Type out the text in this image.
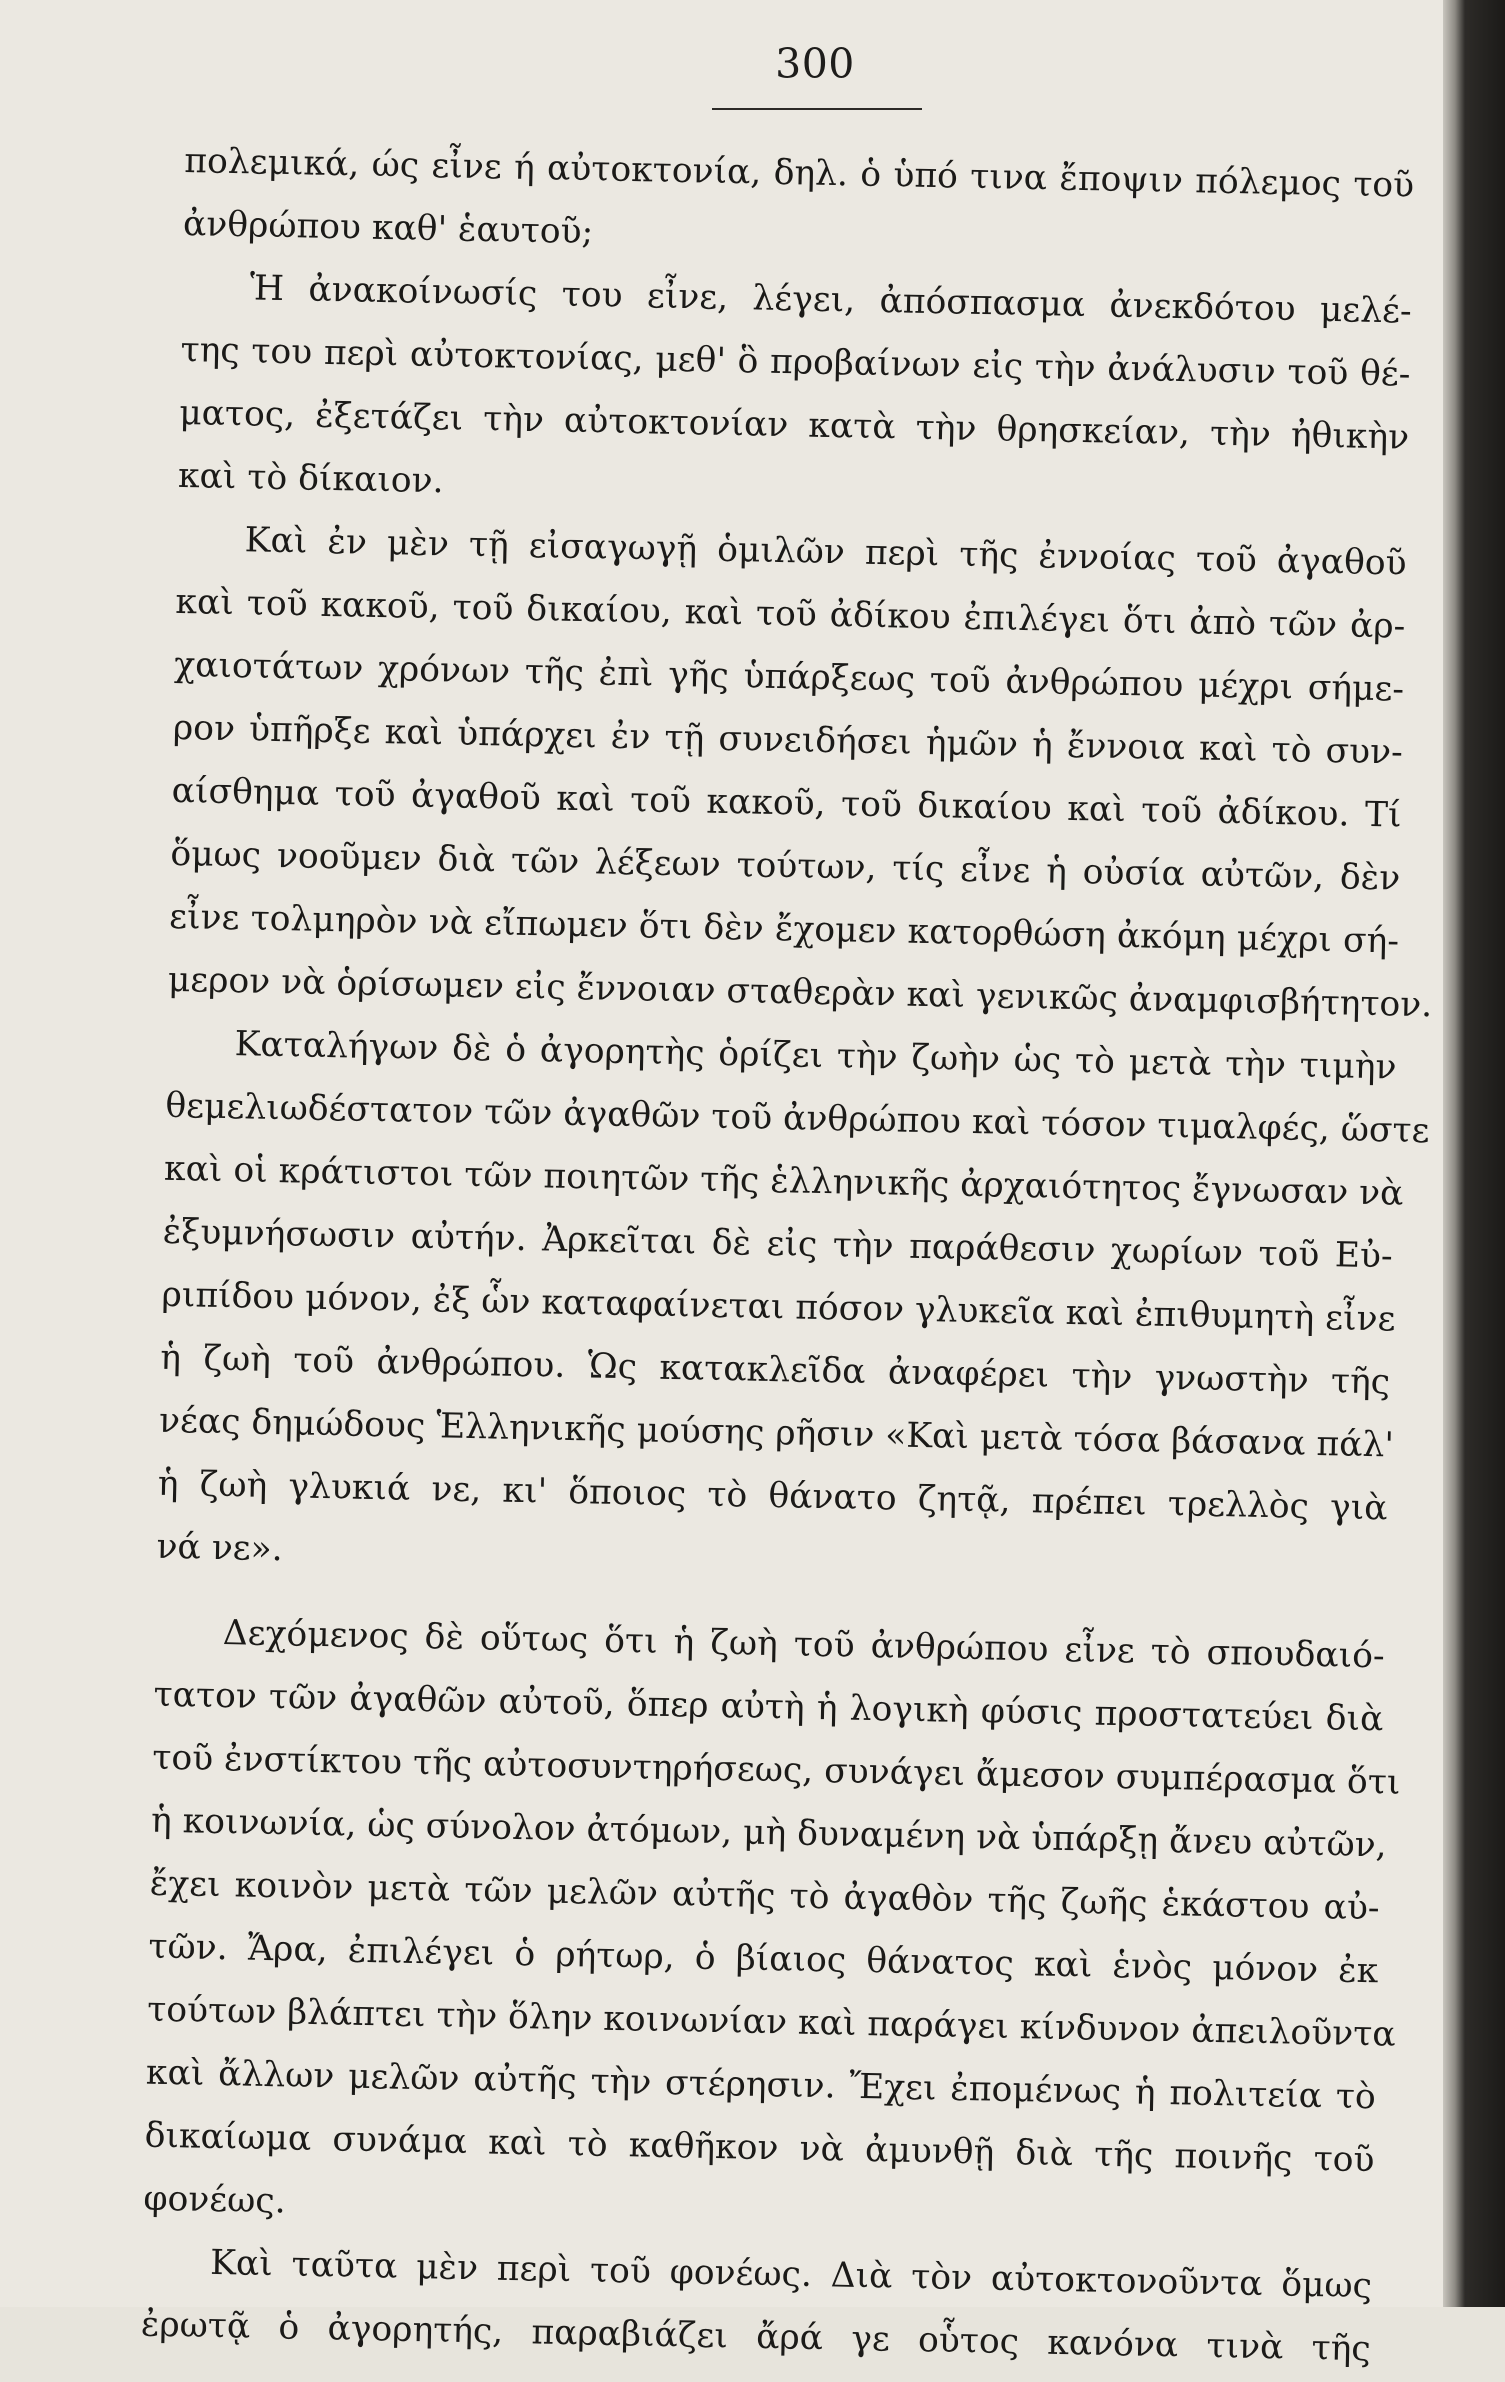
300
πολεμικά, ώς εἶνε ή αὐτοκτονία, δηλ. ὁ ὑπό τινα ἔποψιν πόλεμος τοῦ
ἀνθρώπου καθ' ἑαυτοῦ;
Ἡ ἀνακοίνωσίς του εἶνε, λέγει, ἀπόσπασμα ἀνεκδότου μελέ-
της του περὶ αὐτοκτονίας, μεθ' ὃ προβαίνων εἰς τὴν ἀνάλυσιν τοῦ θέ-
ματος, ἐξετάζει τὴν αὐτοκτονίαν κατὰ τὴν θρησκείαν, τὴν ἠθικὴν
καὶ τὸ δίκαιον.
Καὶ ἐν μὲν τῇ εἰσαγωγῇ ὁμιλῶν περὶ τῆς ἐννοίας τοῦ ἀγαθοῦ
καὶ τοῦ κακοῦ, τοῦ δικαίου, καὶ τοῦ ἀδίκου ἐπιλέγει ὅτι ἀπὸ τῶν ἀρ-
χαιοτάτων χρόνων τῆς ἐπὶ γῆς ὑπάρξεως τοῦ ἀνθρώπου μέχρι σήμε-
ρον ὑπῆρξε καὶ ὑπάρχει ἐν τῇ συνειδήσει ἡμῶν ἡ ἔννοια καὶ τὸ συν-
αίσθημα τοῦ ἀγαθοῦ καὶ τοῦ κακοῦ, τοῦ δικαίου καὶ τοῦ ἀδίκου. Τί
ὅμως νοοῦμεν διὰ τῶν λέξεων τούτων, τίς εἶνε ἡ οὐσία αὐτῶν, δὲν
εἶνε τολμηρὸν νὰ εἴπωμεν ὅτι δὲν ἔχομεν κατορθώση ἀκόμη μέχρι σή-
μερον νὰ ὁρίσωμεν εἰς ἔννοιαν σταθερὰν καὶ γενικῶς ἀναμφισβήτητον.
Καταλήγων δὲ ὁ ἀγορητὴς ὁρίζει τὴν ζωὴν ὡς τὸ μετὰ τὴν τιμὴν
θεμελιωδέστατον τῶν ἀγαθῶν τοῦ ἀνθρώπου καὶ τόσον τιμαλφές, ὥστε
καὶ οἱ κράτιστοι τῶν ποιητῶν τῆς ἑλληνικῆς ἀρχαιότητος ἔγνωσαν νὰ
ἐξυμνήσωσιν αὐτήν. Ἀρκεῖται δὲ εἰς τὴν παράθεσιν χωρίων τοῦ Εὐ-
ριπίδου μόνον, ἐξ ὧν καταφαίνεται πόσον γλυκεῖα καὶ ἐπιθυμητὴ εἶνε
ἡ ζωὴ τοῦ ἀνθρώπου. Ὡς κατακλεῖδα ἀναφέρει τὴν γνωστὴν τῆς
νέας δημώδους Ἑλληνικῆς μούσης ρῆσιν «Καὶ μετὰ τόσα βάσανα πάλ'
ἡ ζωὴ γλυκιά νε, κι' ὅποιος τὸ θάνατο ζητᾷ, πρέπει τρελλὸς γιὰ
νά νε».
Δεχόμενος δὲ οὕτως ὅτι ἡ ζωὴ τοῦ ἀνθρώπου εἶνε τὸ σπουδαιό-
τατον τῶν ἀγαθῶν αὐτοῦ, ὅπερ αὐτὴ ἡ λογικὴ φύσις προστατεύει διὰ
τοῦ ἐνστίκτου τῆς αὐτοσυντηρήσεως, συνάγει ἄμεσον συμπέρασμα ὅτι
ἡ κοινωνία, ὡς σύνολον ἀτόμων, μὴ δυναμένη νὰ ὑπάρξῃ ἄνευ αὐτῶν,
ἔχει κοινὸν μετὰ τῶν μελῶν αὐτῆς τὸ ἀγαθὸν τῆς ζωῆς ἑκάστου αὐ-
τῶν. Ἄρα, ἐπιλέγει ὁ ρήτωρ, ὁ βίαιος θάνατος καὶ ἑνὸς μόνον ἐκ
τούτων βλάπτει τὴν ὅλην κοινωνίαν καὶ παράγει κίνδυνον ἀπειλοῦντα
καὶ ἄλλων μελῶν αὐτῆς τὴν στέρησιν. Ἔχει ἐπομένως ἡ πολιτεία τὸ
δικαίωμα συνάμα καὶ τὸ καθῆκον νὰ ἀμυνθῇ διὰ τῆς ποινῆς τοῦ
φονέως.
Καὶ ταῦτα μὲν περὶ τοῦ φονέως. Διὰ τὸν αὐτοκτονοῦντα ὅμως
ἐρωτᾷ ὁ ἀγορητής, παραβιάζει ἄρά γε οὗτος κανόνα τινὰ τῆς
